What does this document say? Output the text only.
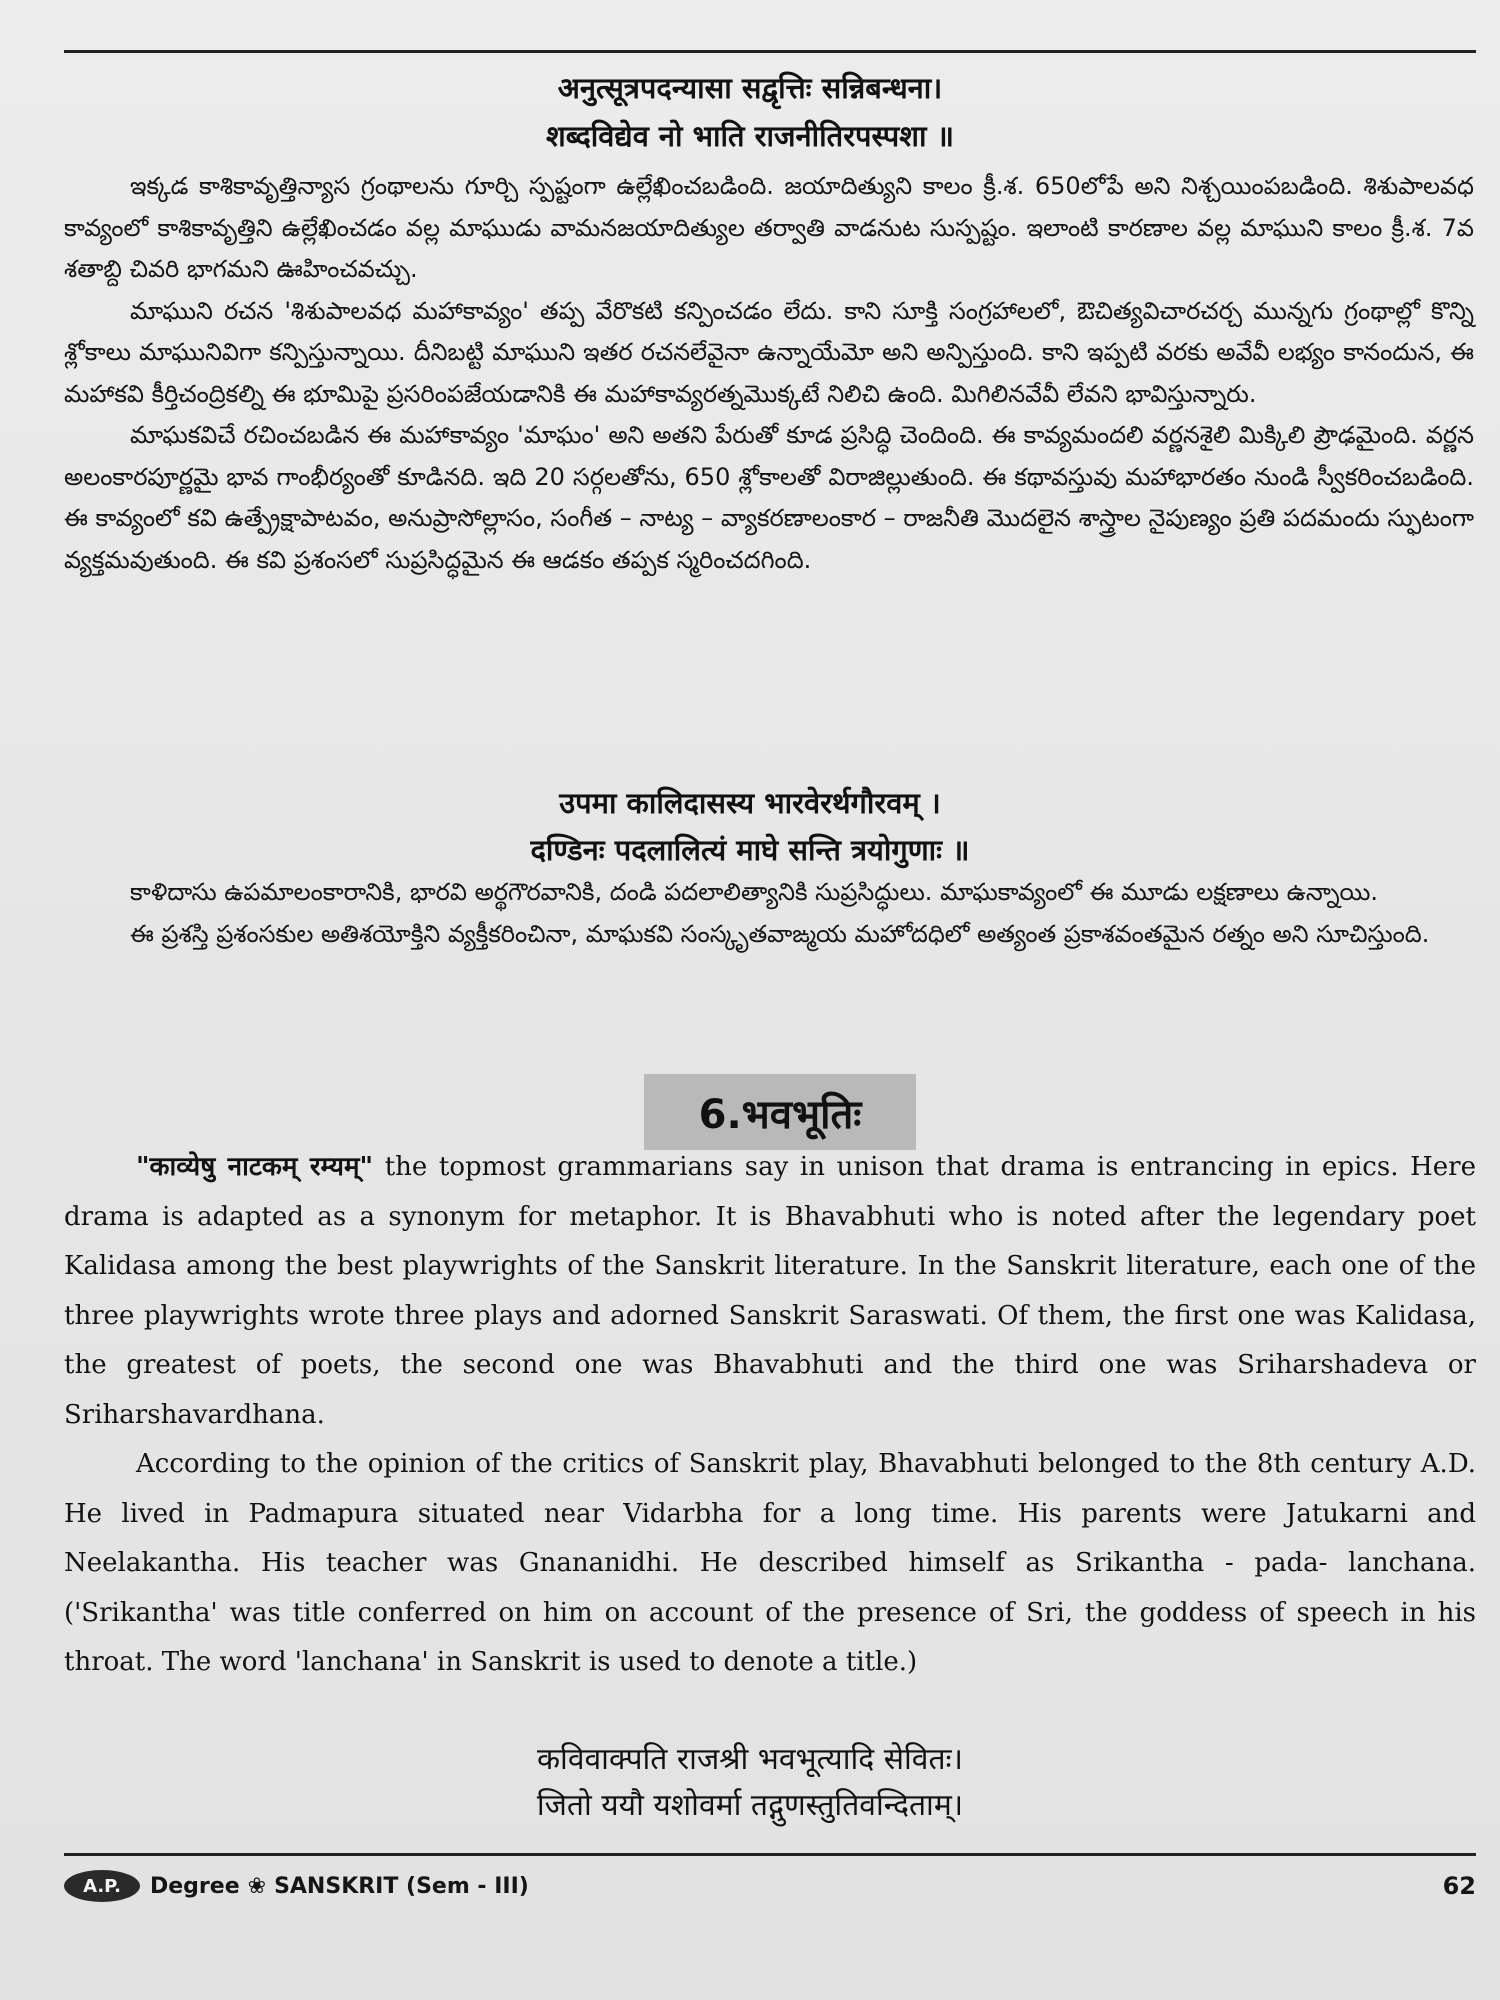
अनुत्सूत्रपदन्यासा सद्वृत्तिः सन्निबन्धना।
शब्दविद्येव नो भाति राजनीतिरपस्पशा ॥

ఇక్కడ కాశికావృత్తిన్యాస గ్రంథాలను గూర్చి స్పష్టంగా ఉల్లేఖించబడింది. జయాదిత్యుని కాలం క్రీ.శ. 650లోపే అని నిశ్చయింపబడింది. శిశుపాలవధ కావ్యంలో కాశికావృత్తిని ఉల్లేఖించడం వల్ల మాఘుడు వామనజయాదిత్యుల తర్వాతి వాడనుట సుస్పష్టం. ఇలాంటి కారణాల వల్ల మాఘుని కాలం క్రీ.శ. 7వ శతాబ్ది చివరి భాగమని ఊహించవచ్చు.

మాఘుని రచన 'శిశుపాలవధ మహాకావ్యం' తప్ప వేరొకటి కన్పించడం లేదు. కాని సూక్తి సంగ్రహాలలో, ఔచిత్యవిచారచర్చ మున్నగు గ్రంథాల్లో కొన్ని శ్లోకాలు మాఘునివిగా కన్పిస్తున్నాయి. దీనిబట్టి మాఘుని ఇతర రచనలేవైనా ఉన్నాయేమో అని అన్పిస్తుంది. కాని ఇప్పటి వరకు అవేవీ లభ్యం కానందున, ఈ మహాకవి కీర్తిచంద్రికల్ని ఈ భూమిపై ప్రసరింపజేయడానికి ఈ మహాకావ్యరత్నమొక్కటే నిలిచి ఉంది. మిగిలినవేవీ లేవని భావిస్తున్నారు.

మాఘకవిచే రచించబడిన ఈ మహాకావ్యం 'మాఘం' అని అతని పేరుతో కూడ ప్రసిద్ధి చెందింది. ఈ కావ్యమందలి వర్ణనశైలి మిక్కిలి ప్రౌఢమైంది. వర్ణన అలంకారపూర్ణమై భావ గాంభీర్యంతో కూడినది. ఇది 20 సర్గలతోను, 650 శ్లోకాలతో విరాజిల్లుతుంది. ఈ కథావస్తువు మహాభారతం నుండి స్వీకరించబడింది. ఈ కావ్యంలో కవి ఉత్ప్రేక్షాపాటవం, అనుప్రాసోల్లాసం, సంగీత – నాట్య – వ్యాకరణాలంకార – రాజనీతి మొదలైన శాస్త్రాల నైపుణ్యం ప్రతి పదమందు స్ఫుటంగా వ్యక్తమవుతుంది. ఈ కవి ప్రశంసలో సుప్రసిద్ధమైన ఈ ఆడకం తప్పక స్మరించదగింది.

उपमा कालिदासस्य भारवेरर्थगौरवम् ।
दण्डिनः पदलालित्यं माघे सन्ति त्रयोगुणाः ॥

కాళిదాసు ఉపమాలంకారానికి, భారవి అర్థగౌరవానికి, దండి పదలాలిత్యానికి సుప్రసిద్ధులు. మాఘకావ్యంలో ఈ మూడు లక్షణాలు ఉన్నాయి.

ఈ ప్రశస్తి ప్రశంసకుల అతిశయోక్తిని వ్యక్తీకరించినా, మాఘకవి సంస్కృతవాఙ్మయ మహోదధిలో అత్యంత ప్రకాశవంతమైన రత్నం అని సూచిస్తుంది.

6.भवभूतिः

"काव्येषु नाटकम् रम्यम्" the topmost grammarians say in unison that drama is entrancing in epics. Here drama is adapted as a synonym for metaphor. It is Bhavabhuti who is noted after the legendary poet Kalidasa among the best playwrights of the Sanskrit literature. In the Sanskrit literature, each one of the three playwrights wrote three plays and adorned Sanskrit Saraswati. Of them, the first one was Kalidasa, the greatest of poets, the second one was Bhavabhuti and the third one was Sriharshadeva or Sriharshavardhana.

According to the opinion of the critics of Sanskrit play, Bhavabhuti belonged to the 8th century A.D. He lived in Padmapura situated near Vidarbha for a long time. His parents were Jatukarni and Neelakantha. His teacher was Gnananidhi. He described himself as Srikantha - pada- lanchana. ('Srikantha' was title conferred on him on account of the presence of Sri, the goddess of speech in his throat. The word 'lanchana' in Sanskrit is used to denote a title.)

कविवाक्पति राजश्री भवभूत्यादि सेवितः।
जितो ययौ यशोवर्मा तद्गुणस्तुतिवन्दिताम्।
A.P.	Degree ❀ SANSKRIT (Sem - III)	62
